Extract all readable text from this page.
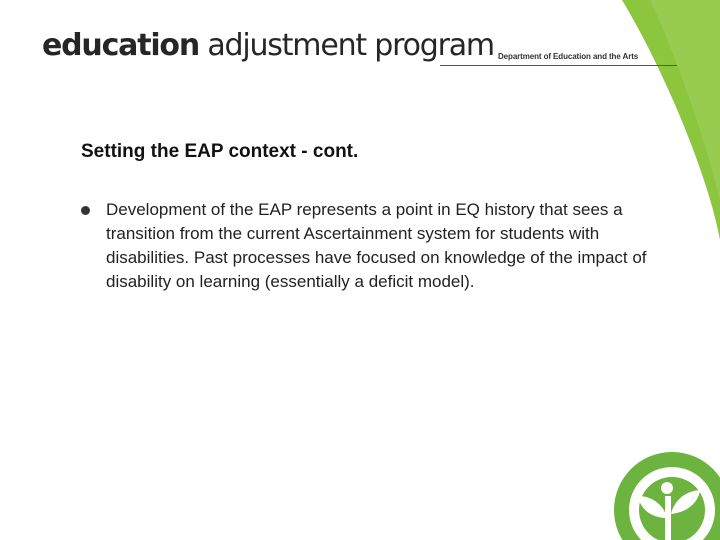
education adjustment program Department of Education and the Arts
Setting the EAP context - cont.
Development of the EAP represents a point in EQ history that sees a transition from the current Ascertainment system for students with disabilities. Past processes have focused on knowledge of the impact of disability on learning (essentially a deficit model).
